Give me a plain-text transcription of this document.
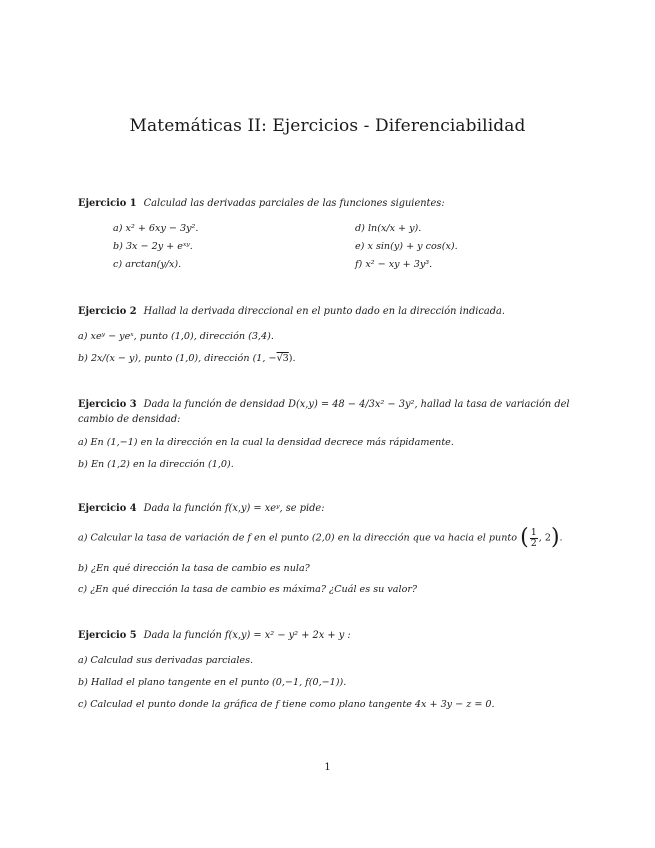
Matemáticas II: Ejercicios - Diferenciabilidad
Ejercicio 1 Calculad las derivadas parciales de las funciones siguientes:
a) x² + 6xy − 3y².
b) 3x − 2y + eˣʸ.
c) arctan(y/x).
d) ln(x/x + y).
e) x sin(y) + y cos(x).
f) x² − xy + 3y³.
Ejercicio 2 Hallad la derivada direccional en el punto dado en la dirección indicada.
a) xeʸ − yeˣ, punto (1,0), dirección (3,4).
b) 2x/(x − y), punto (1,0), dirección (1, −√3).
Ejercicio 3 Dada la función de densidad D(x,y) = 48 − 4/3x² − 3y², hallad la tasa de variación del cambio de densidad:
a) En (1,−1) en la dirección en la cual la densidad decrece más rápidamente.
b) En (1,2) en la dirección (1,0).
Ejercicio 4 Dada la función f(x,y) = xeʸ, se pide:
a) Calcular la tasa de variación de f en el punto (2,0) en la dirección que va hacia el punto ( $\frac{1}{2}$ , 2).
b) ¿En qué dirección la tasa de cambio es nula?
c) ¿En qué dirección la tasa de cambio es máxima? ¿Cuál es su valor?
Ejercicio 5 Dada la función f(x,y) = x² − y² + 2x + y :
a) Calculad sus derivadas parciales.
b) Hallad el plano tangente en el punto (0,−1, f(0,−1)).
c) Calculad el punto donde la gráfica de f tiene como plano tangente 4x + 3y − z = 0.
1
